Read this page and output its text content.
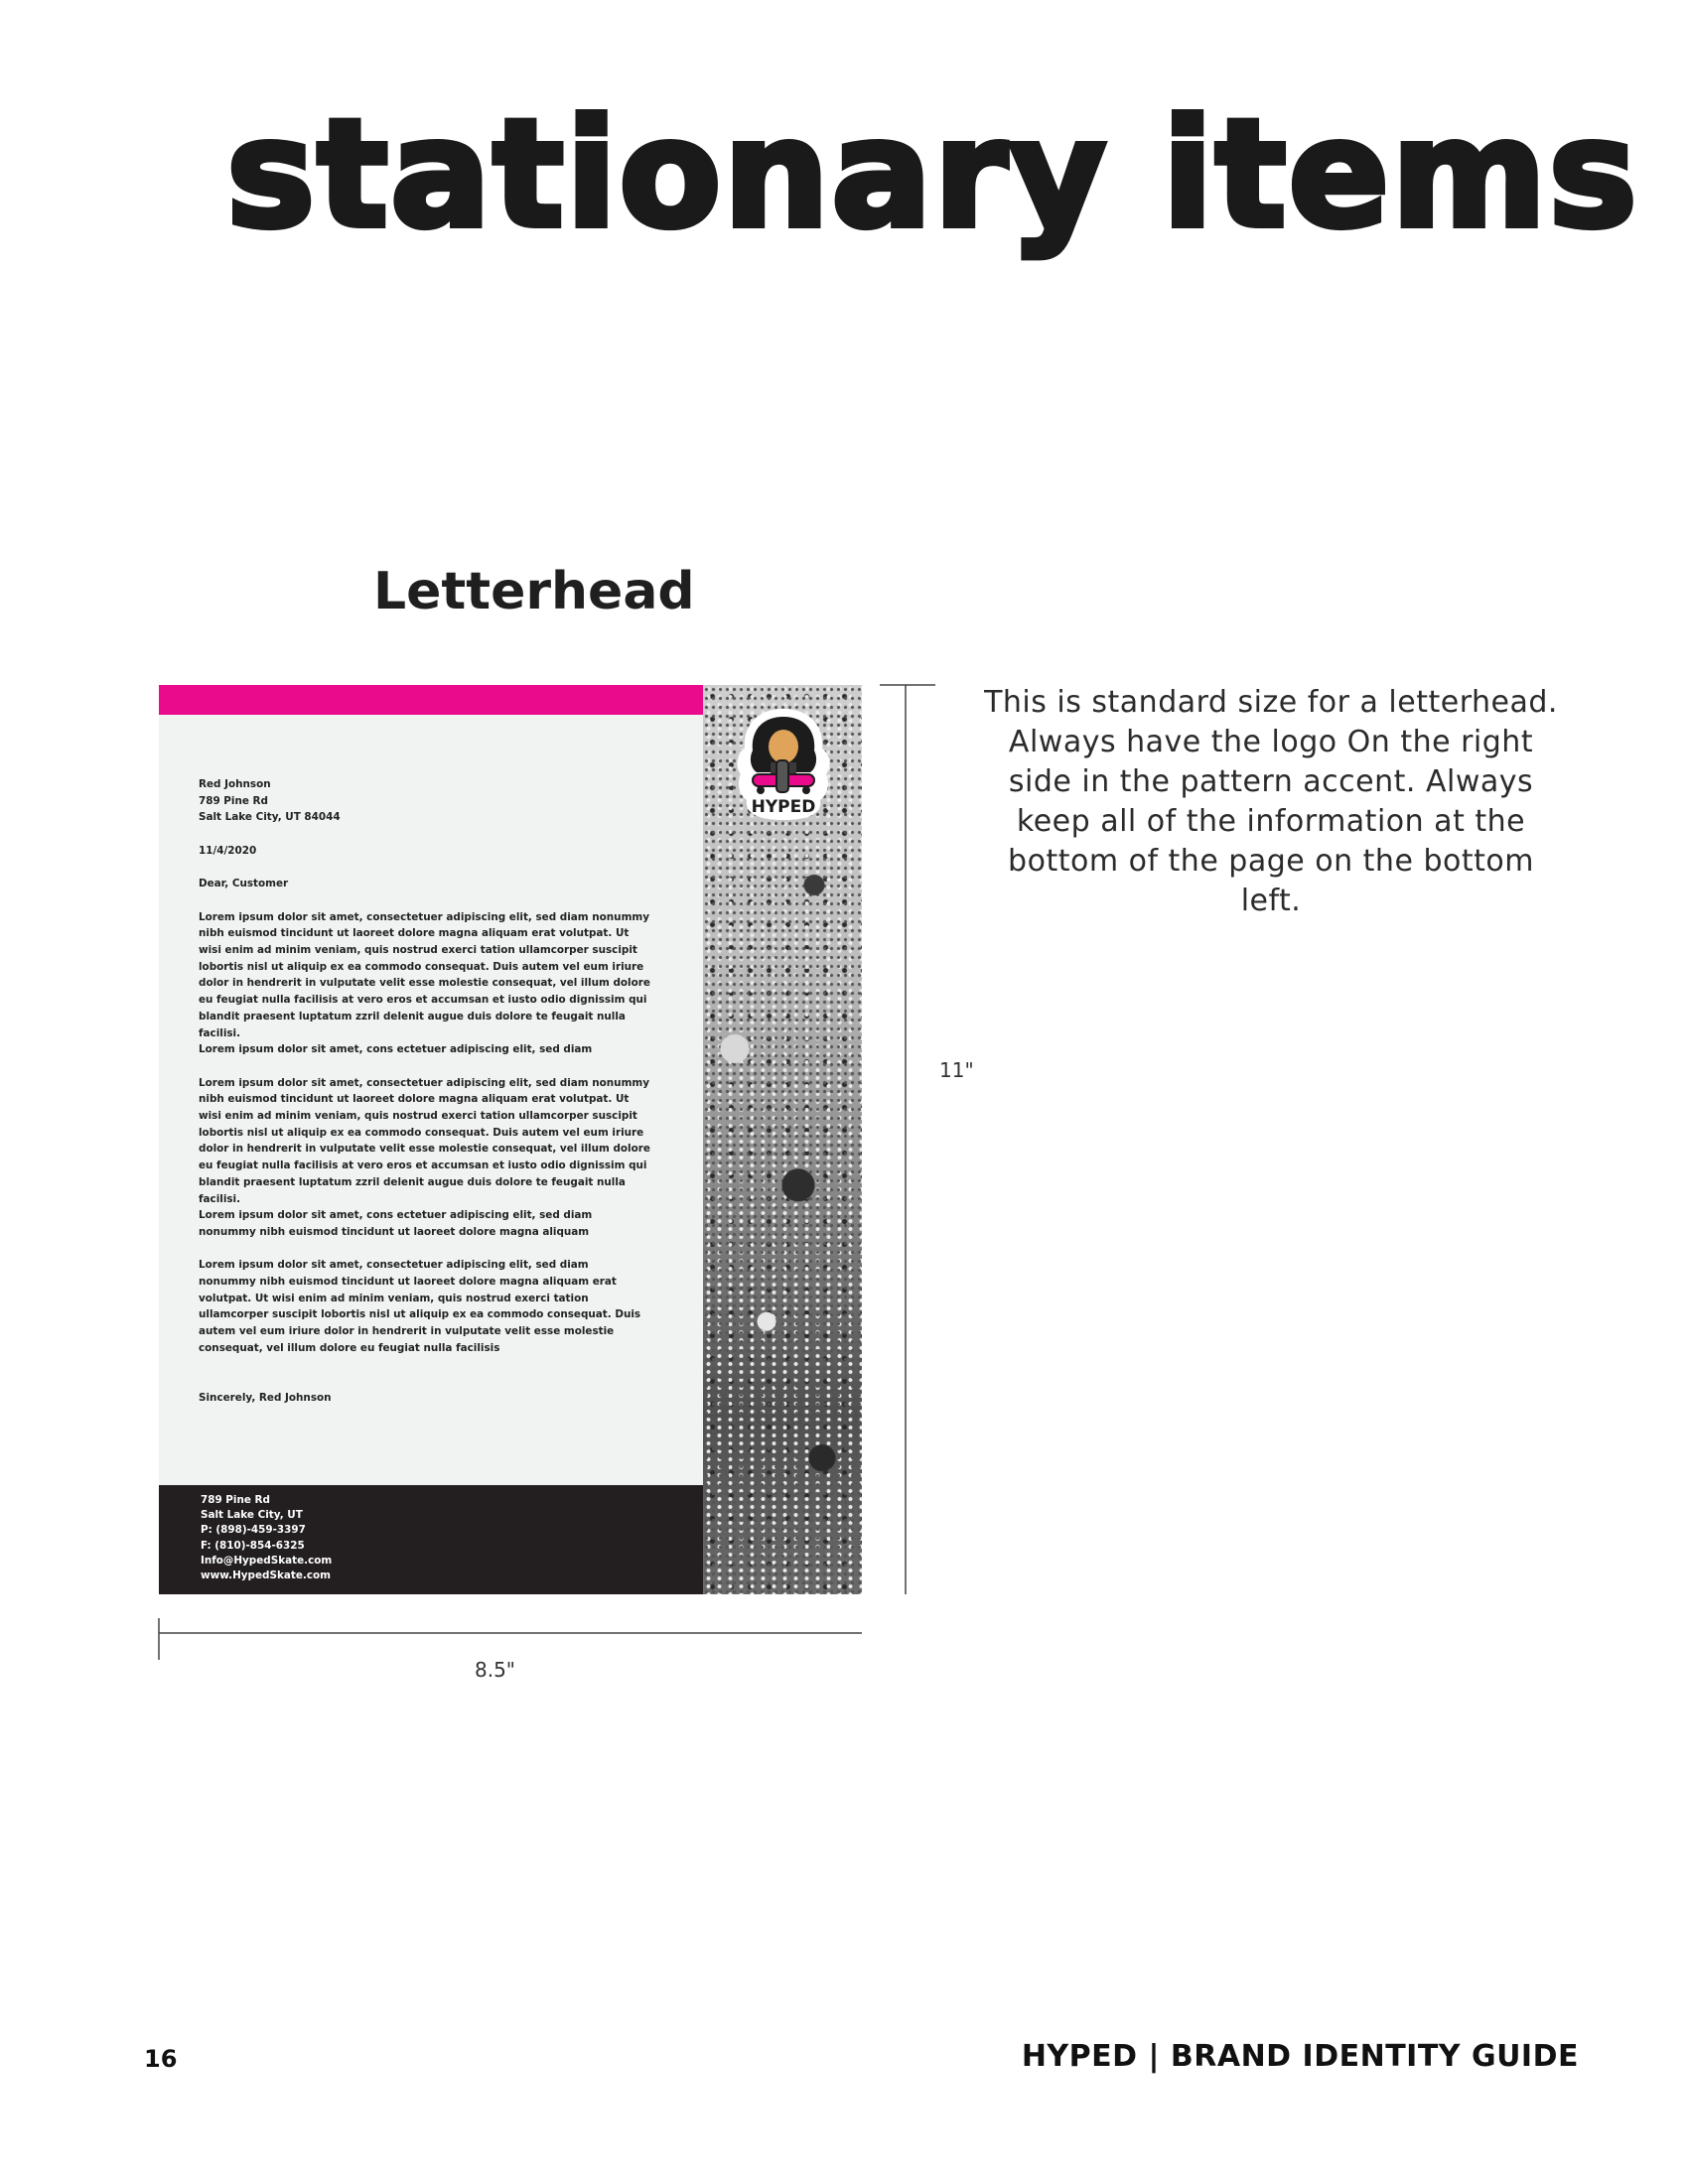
stationary items
Letterhead
HYPED
Red Johnson
789 Pine Rd
Salt Lake City, UT 84044
11/4/2020
Dear, Customer
Lorem ipsum dolor sit amet, consectetuer adipiscing elit, sed diam nonummy
nibh euismod tincidunt ut laoreet dolore magna aliquam erat volutpat. Ut
wisi enim ad minim veniam, quis nostrud exerci tation ullamcorper suscipit
lobortis nisl ut aliquip ex ea commodo consequat. Duis autem vel eum iriure
dolor in hendrerit in vulputate velit esse molestie consequat, vel illum dolore
eu feugiat nulla facilisis at vero eros et accumsan et iusto odio dignissim qui
blandit praesent luptatum zzril delenit augue duis dolore te feugait nulla
facilisi.
Lorem ipsum dolor sit amet, cons ectetuer adipiscing elit, sed diam
Lorem ipsum dolor sit amet, consectetuer adipiscing elit, sed diam nonummy
nibh euismod tincidunt ut laoreet dolore magna aliquam erat volutpat. Ut
wisi enim ad minim veniam, quis nostrud exerci tation ullamcorper suscipit
lobortis nisl ut aliquip ex ea commodo consequat. Duis autem vel eum iriure
dolor in hendrerit in vulputate velit esse molestie consequat, vel illum dolore
eu feugiat nulla facilisis at vero eros et accumsan et iusto odio dignissim qui
blandit praesent luptatum zzril delenit augue duis dolore te feugait nulla
facilisi.
Lorem ipsum dolor sit amet, cons ectetuer adipiscing elit, sed diam
nonummy nibh euismod tincidunt ut laoreet dolore magna aliquam
Lorem ipsum dolor sit amet, consectetuer adipiscing elit, sed diam
nonummy nibh euismod tincidunt ut laoreet dolore magna aliquam erat
volutpat. Ut wisi enim ad minim veniam, quis nostrud exerci tation
ullamcorper suscipit lobortis nisl ut aliquip ex ea commodo consequat. Duis
autem vel eum iriure dolor in hendrerit in vulputate velit esse molestie
consequat, vel illum dolore eu feugiat nulla facilisis
Sincerely, Red Johnson
789 Pine Rd
Salt Lake City, UT
P: (898)-459-3397
F: (810)-854-6325
Info@HypedSkate.com
www.HypedSkate.com
8.5"
11"

This is standard size for a letterhead. Always have the logo On the right side in the pattern accent. Always keep all of the information at the bottom of the page on the bottom left.

16	HYPED | BRAND IDENTITY GUIDE
